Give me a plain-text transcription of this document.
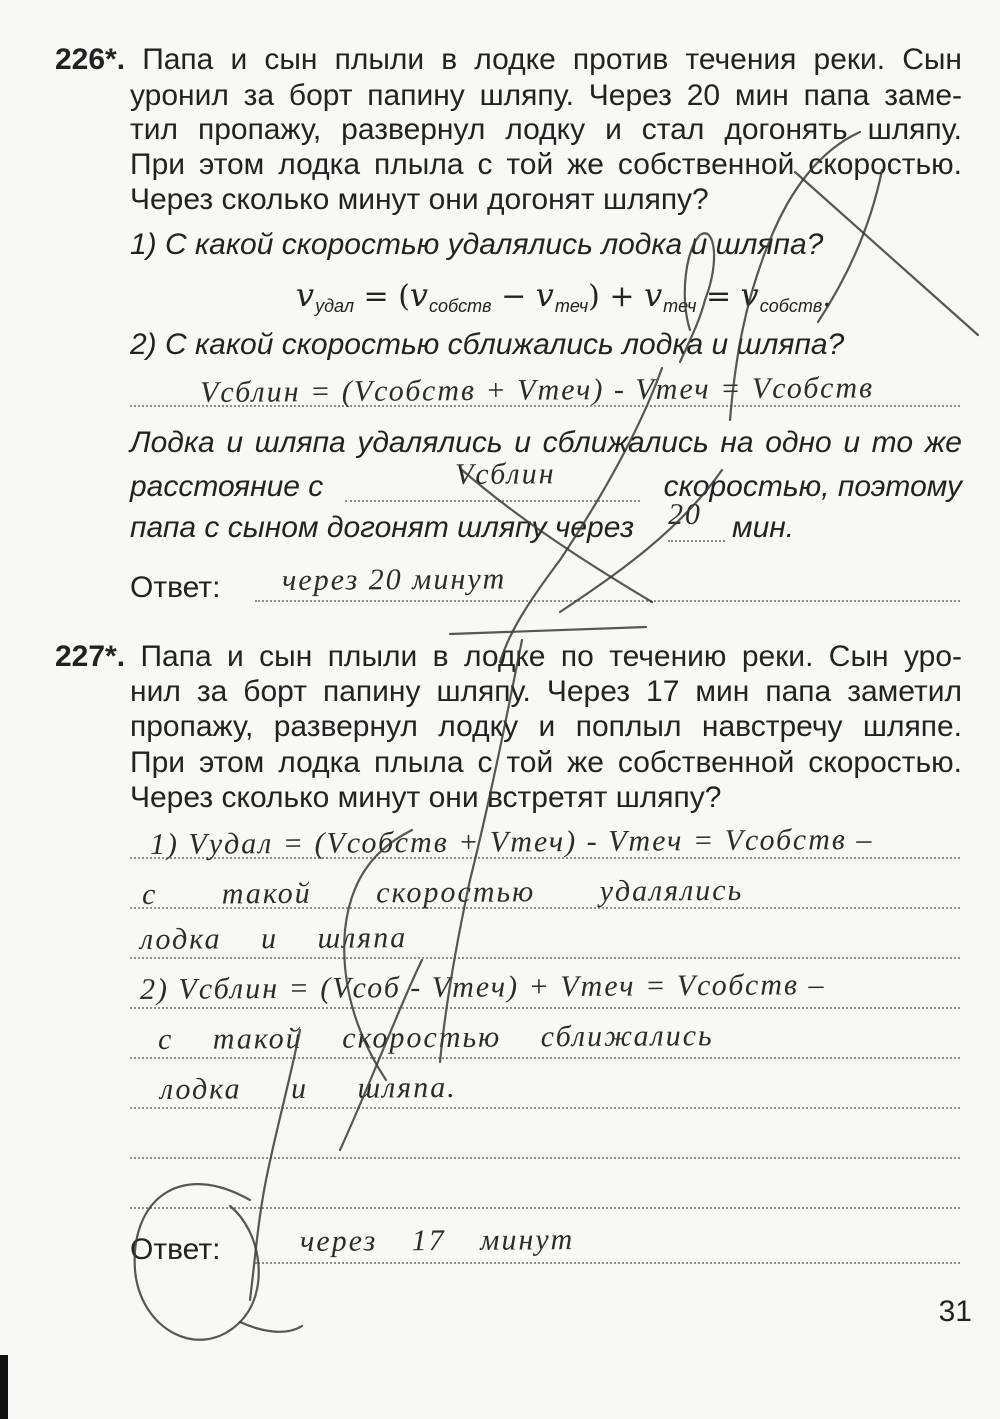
226*. Папа и сын плыли в лодке против течения реки. Сын
уронил за борт папину шляпу. Через 20 мин папа заме-
тил пропажу, развернул лодку и стал догонять шляпу.
При этом лодка плыла с той же собственной скоростью.
Через сколько минут они догонят шляпу?
1) С какой скоростью удалялись лодка и шляпа?
$v_{удал} = (v_{собств} - v_{теч}) + v_{теч} = v_{собств}$.
2) С какой скоростью сближались лодка и шляпа?
Vсблин = (Vсобств + Vтеч) - Vтеч = Vсобств
Лодка и шляпа удалялись и сближались на одно и то же
расстояние с	Vсблин	скоростью, поэтому
папа с сыном догонят шляпу через 20 мин.
Ответ: через 20 минут
227*. Папа и сын плыли в лодке по течению реки. Сын уро-
нил за борт папину шляпу. Через 17 мин папа заметил
пропажу, развернул лодку и поплыл навстречу шляпе.
При этом лодка плыла с той же собственной скоростью.
Через сколько минут они встретят шляпу?
1) Vудал = (Vсобств + Vтеч) - Vтеч = Vсобств –
с такой скоростью удалялись
лодка и шляпа
2) Vсблин = (Vсоб - Vтеч) + Vтеч = Vсобств –
с такой скоростью сближались
лодка и шляпа.
Ответ:	через 17 минут
31
